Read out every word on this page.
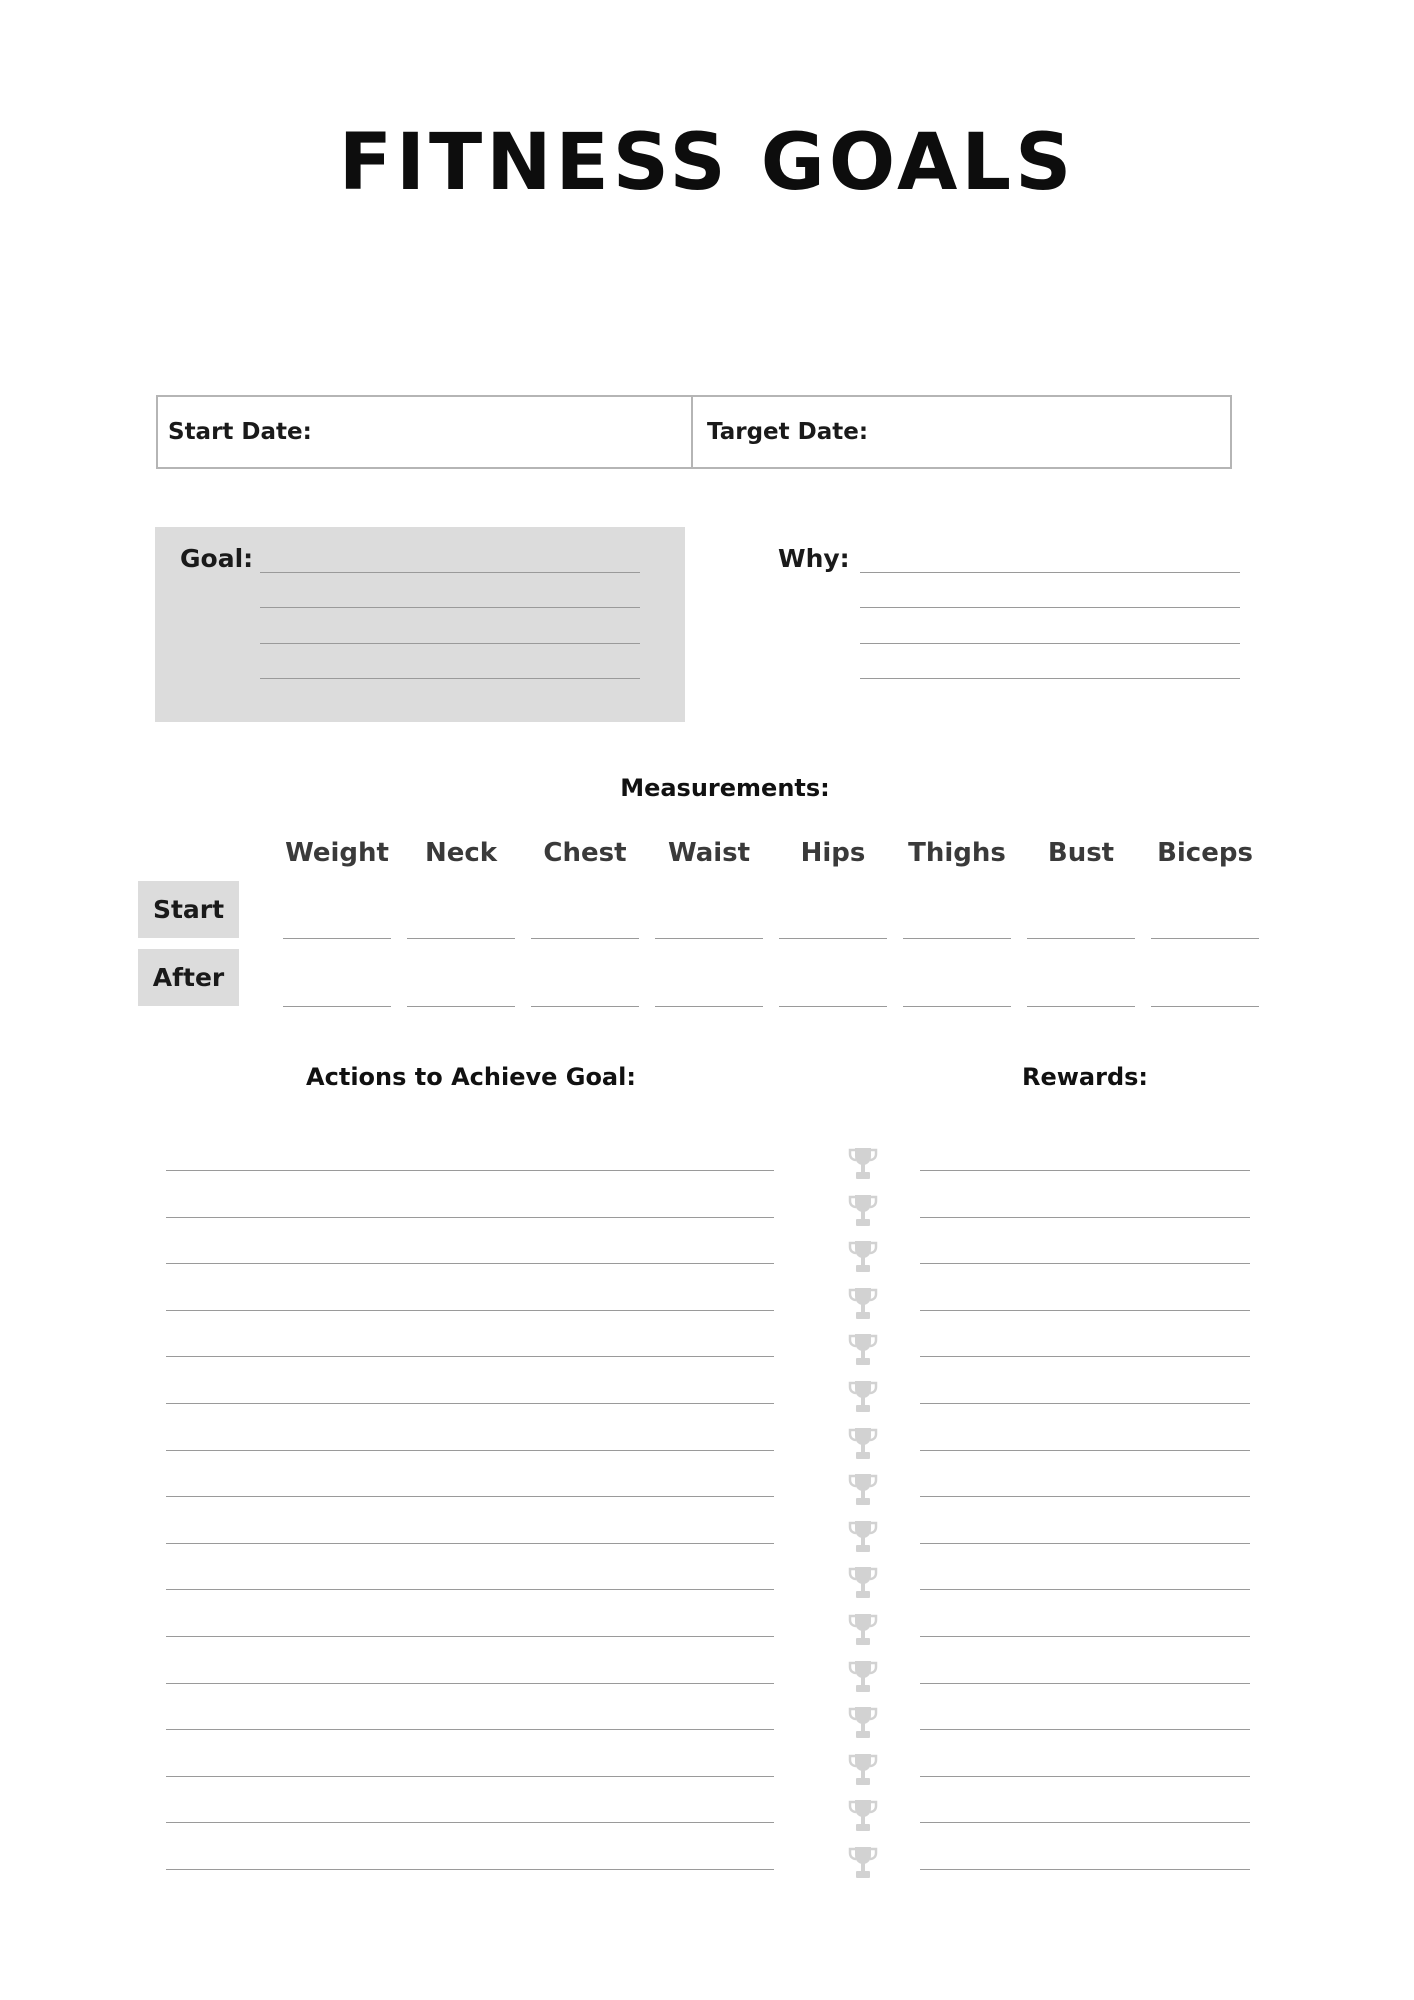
FITNESS GOALS
Start Date:	Target Date:
Goal:	Why:
Measurements:
Weight	Neck	Chest	Waist	Hips	Thighs	Bust	Biceps
Start
After
Actions to Achieve Goal:	Rewards:
